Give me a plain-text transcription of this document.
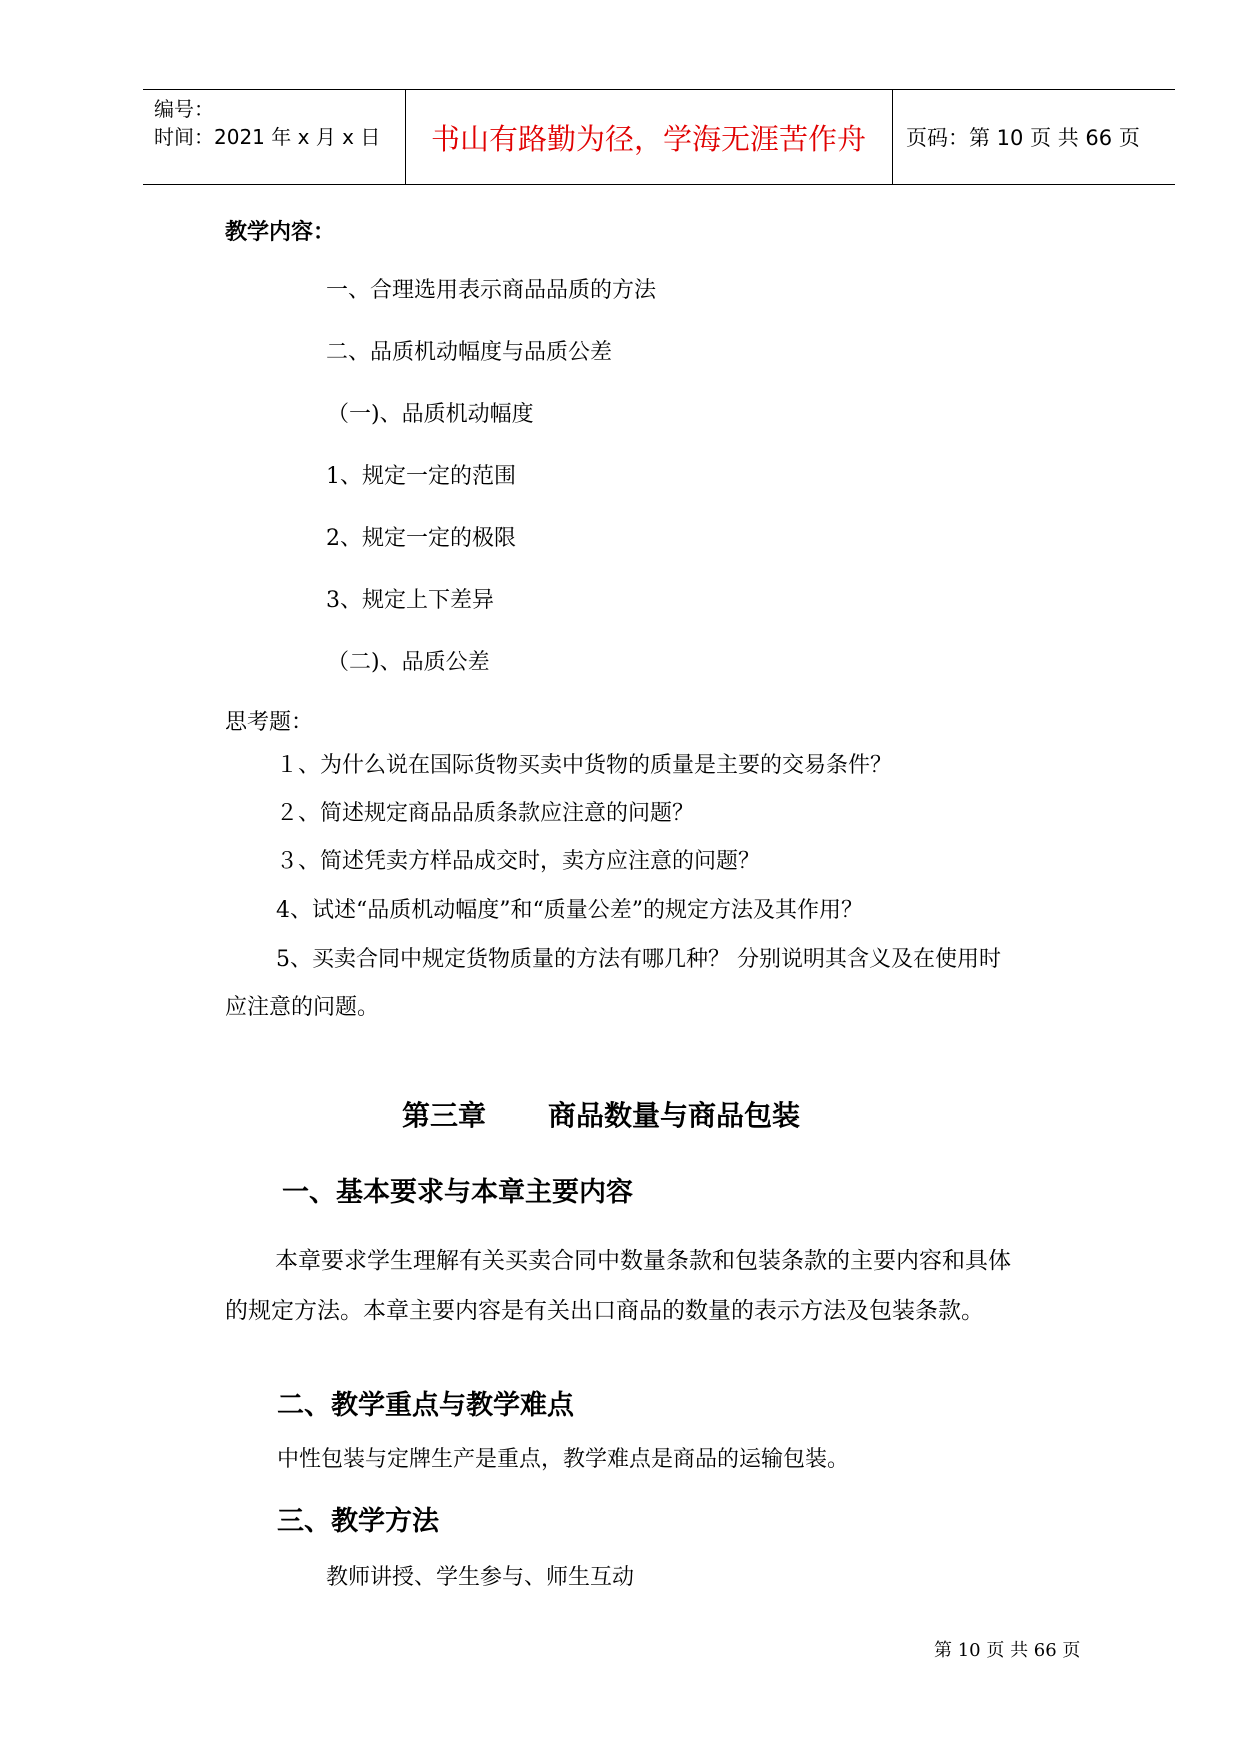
编号：
时间：2021 年 x 月 x 日	书山有路勤为径，学海无涯苦作舟	页码：第 10 页 共 66 页
教学内容：
一、合理选用表示商品品质的方法
二、品质机动幅度与品质公差
（一)、品质机动幅度
1、规定一定的范围
2、规定一定的极限
3、规定上下差异
（二)、品质公差
思考题：
１、为什么说在国际货物买卖中货物的质量是主要的交易条件？
２、简述规定商品品质条款应注意的问题？
３、简述凭卖方样品成交时，卖方应注意的问题？
4、试述“品质机动幅度”和“质量公差”的规定方法及其作用？
5、买卖合同中规定货物质量的方法有哪几种？ 分别说明其含义及在使用时
应注意的问题。
第三章 商品数量与商品包装
一、基本要求与本章主要内容
本章要求学生理解有关买卖合同中数量条款和包装条款的主要内容和具体
的规定方法。本章主要内容是有关出口商品的数量的表示方法及包装条款。
二、教学重点与教学难点
中性包装与定牌生产是重点，教学难点是商品的运输包装。
三、教学方法
教师讲授、学生参与、师生互动
第 10 页 共 66 页
